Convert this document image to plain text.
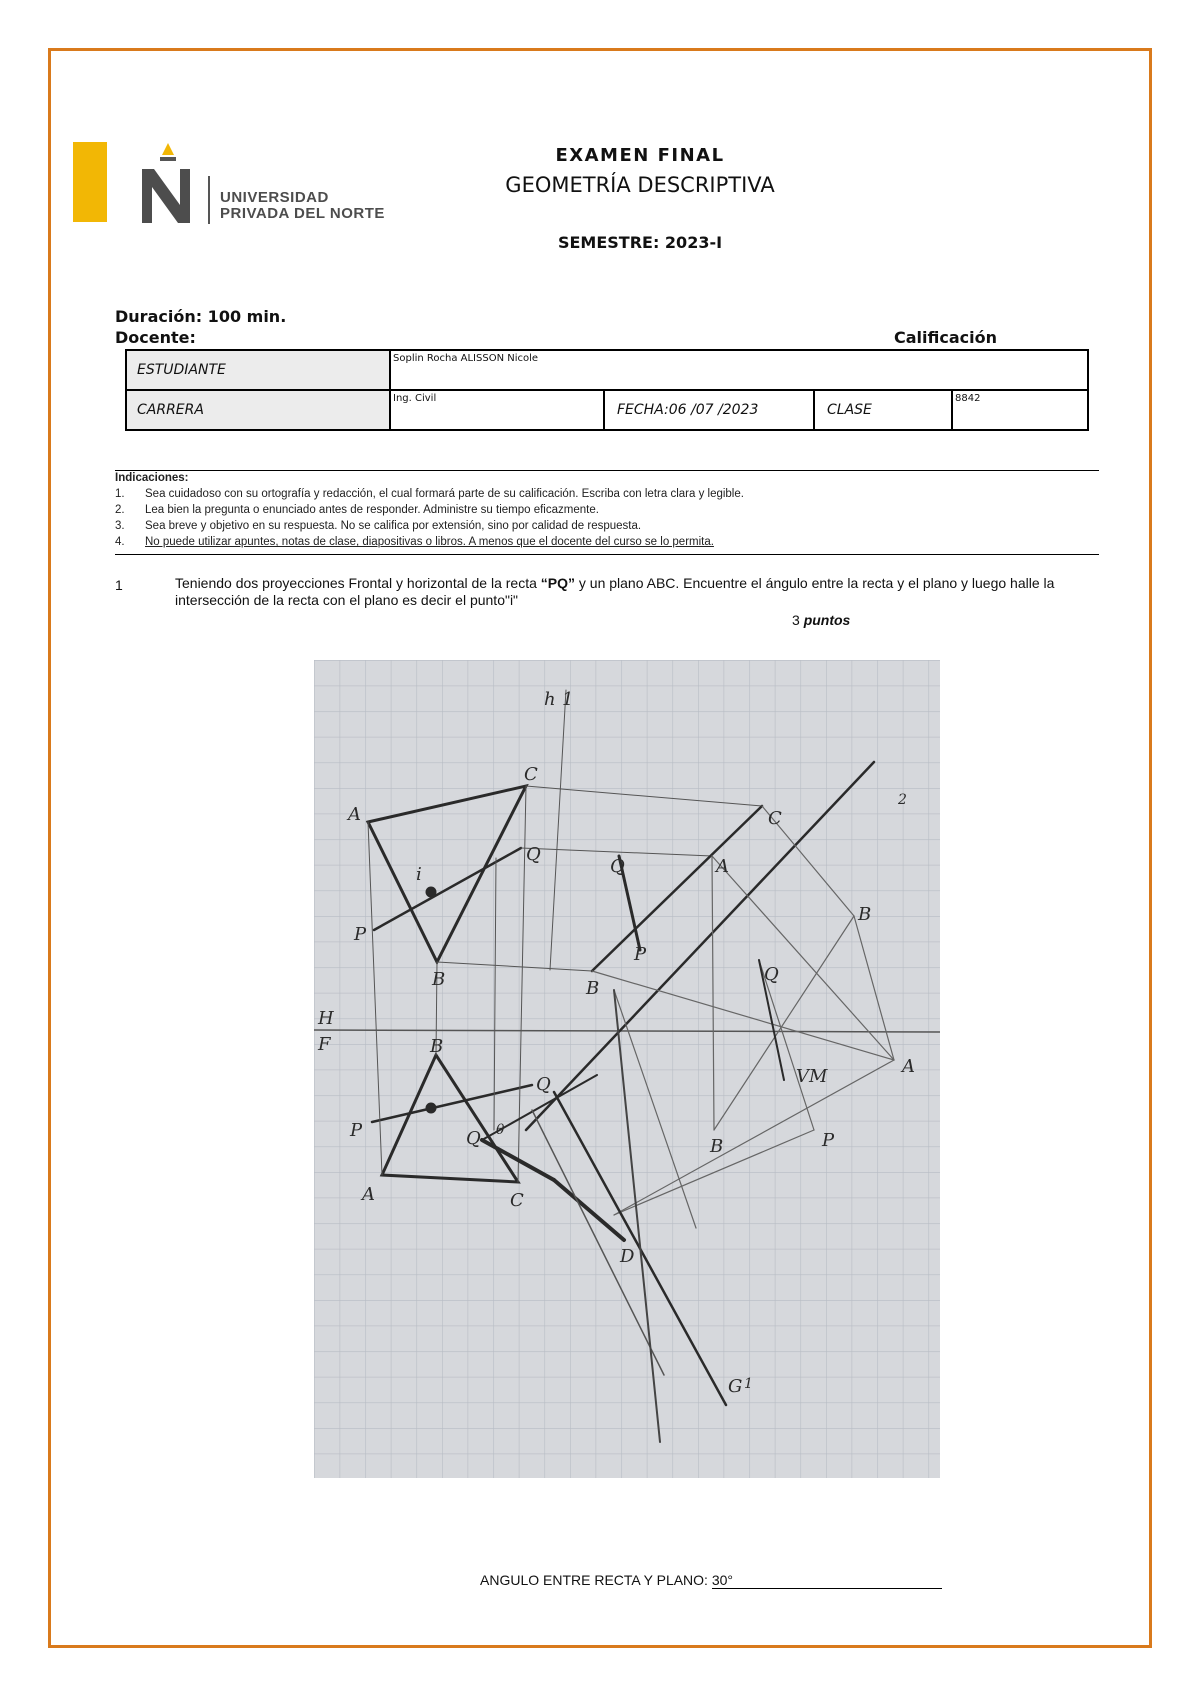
UNIVERSIDAD
PRIVADA DEL NORTE
EXAMEN FINAL
GEOMETRÍA DESCRIPTIVA
SEMESTRE: 2023-I
Duración: 100 min.
Docente:	Calificación
ESTUDIANTE	Soplin Rocha ALISSON Nicole			

CARRERA	Ing. Civil	FECHA:06 /07 /2023	CLASE	8842
Indicaciones:
1. Sea cuidadoso con su ortografía y redacción, el cual formará parte de su calificación. Escriba con letra clara y legible.
2. Lea bien la pregunta o enunciado antes de responder. Administre su tiempo eficazmente.
3. Sea breve y objetivo en su respuesta. No se califica por extensión, sino por calidad de respuesta.
4. No puede utilizar apuntes, notas de clase, diapositivas o libros. A menos que el docente del curso se lo permita.
1	Teniendo dos proyecciones Frontal y horizontal de la recta “PQ” y un plano ABC. Encuentre el ángulo entre la recta y el plano y luego halle la intersección de la recta con el plano es decir el punto"i"
3 puntos
h 1
A
C
Q
i
P
B
H
F	B
Q
P
A	C
Q
P
B
Q	A
C
Q
B
A
VM
P
B
D
G
θ
1
2
ANGULO ENTRE RECTA Y PLANO: 30°
